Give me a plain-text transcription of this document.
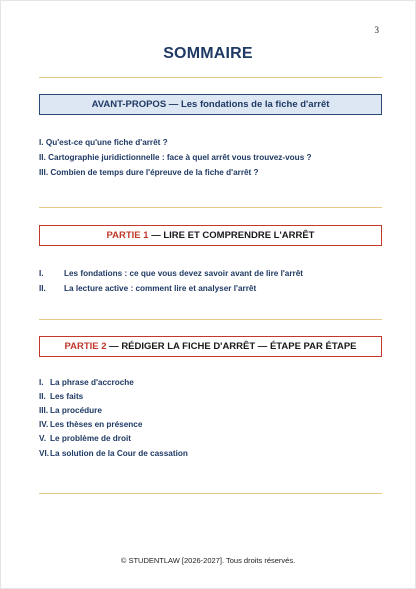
3
SOMMAIRE
AVANT-PROPOS — Les fondations de la fiche d'arrêt
I. Qu'est-ce qu'une fiche d'arrêt ?
II. Cartographie juridictionnelle : face à quel arrêt vous trouvez-vous ?
III. Combien de temps dure l'épreuve de la fiche d'arrêt ?
PARTIE 1 — LIRE ET COMPRENDRE L'ARRÊT
I. Les fondations : ce que vous devez savoir avant de lire l'arrêt
II. La lecture active : comment lire et analyser l'arrêt
PARTIE 2 — RÉDIGER LA FICHE D'ARRÊT — ÉTAPE PAR ÉTAPE
I. La phrase d'accroche
II. Les faits
III. La procédure
IV. Les thèses en présence
V. Le problème de droit
VI.La solution de la Cour de cassation
© STUDENTLAW [2026-2027]. Tous droits réservés.
